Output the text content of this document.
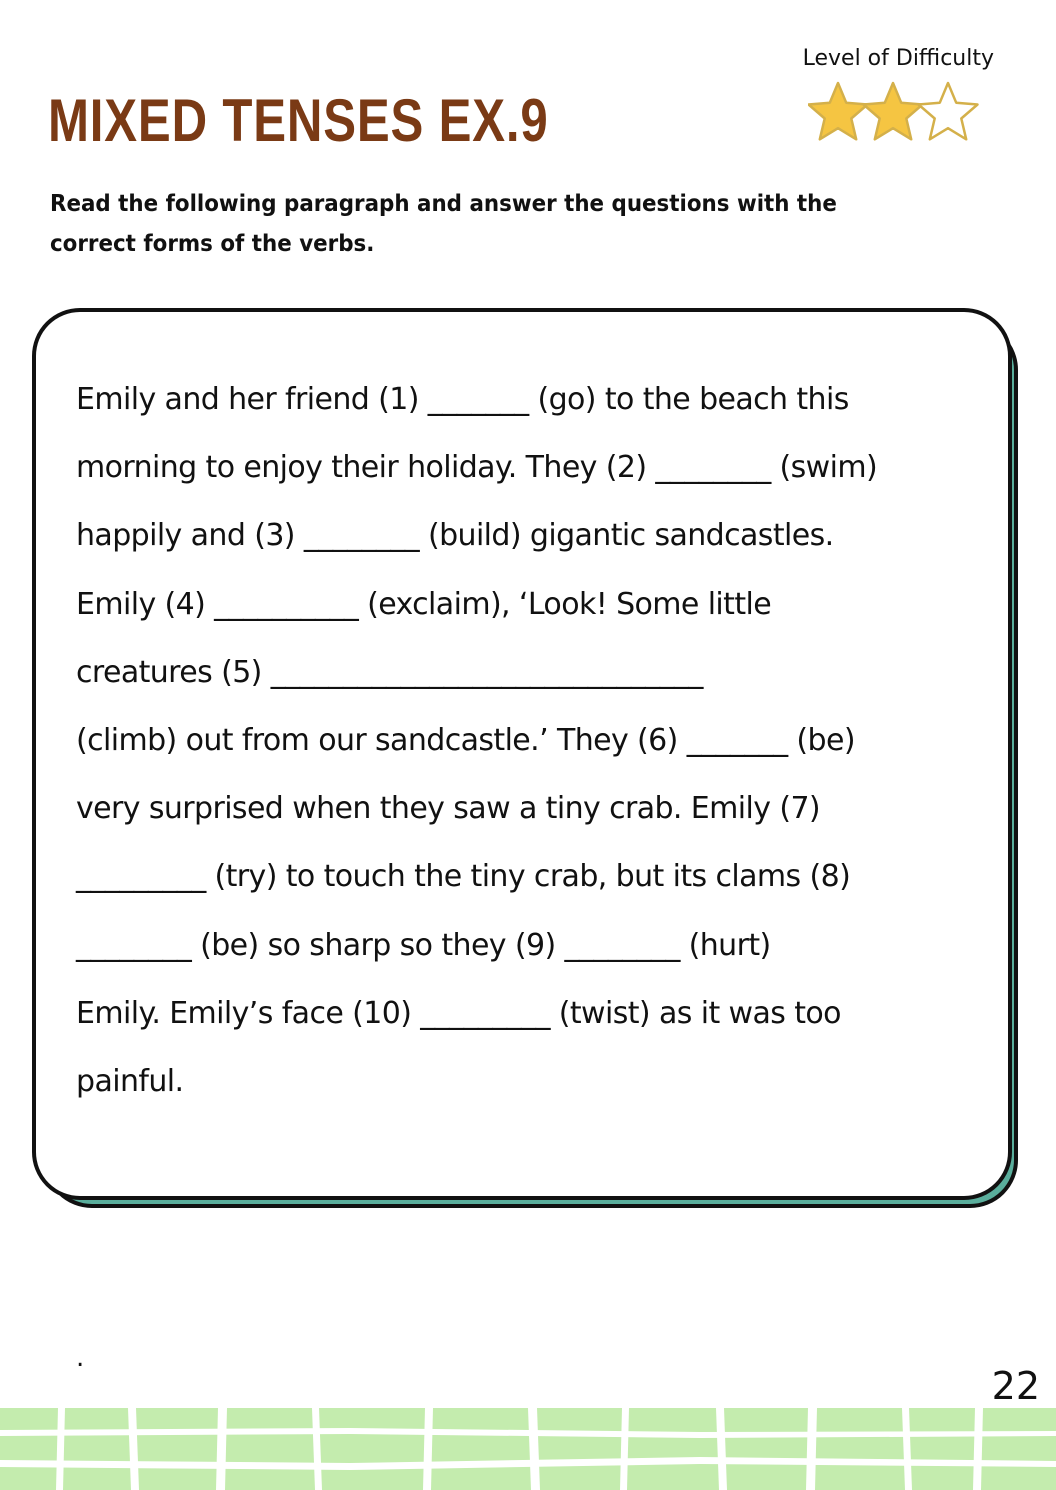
MIXED TENSES EX.9
Level of Difficulty

Read the following paragraph and answer the questions with the correct forms of the verbs.

Emily and her friend (1) _______ (go) to the beach this
morning to enjoy their holiday. They (2) ________ (swim)
happily and (3) ________ (build) gigantic sandcastles.
Emily (4) __________ (exclaim), ‘Look! Some little
creatures (5) ______________________________
(climb) out from our sandcastle.’ They (6) _______ (be)
very surprised when they saw a tiny crab. Emily (7)
_________ (try) to touch the tiny crab, but its clams (8)
________ (be) so sharp so they (9) ________ (hurt)
Emily. Emily’s face (10) _________ (twist) as it was too
painful.

.
22
